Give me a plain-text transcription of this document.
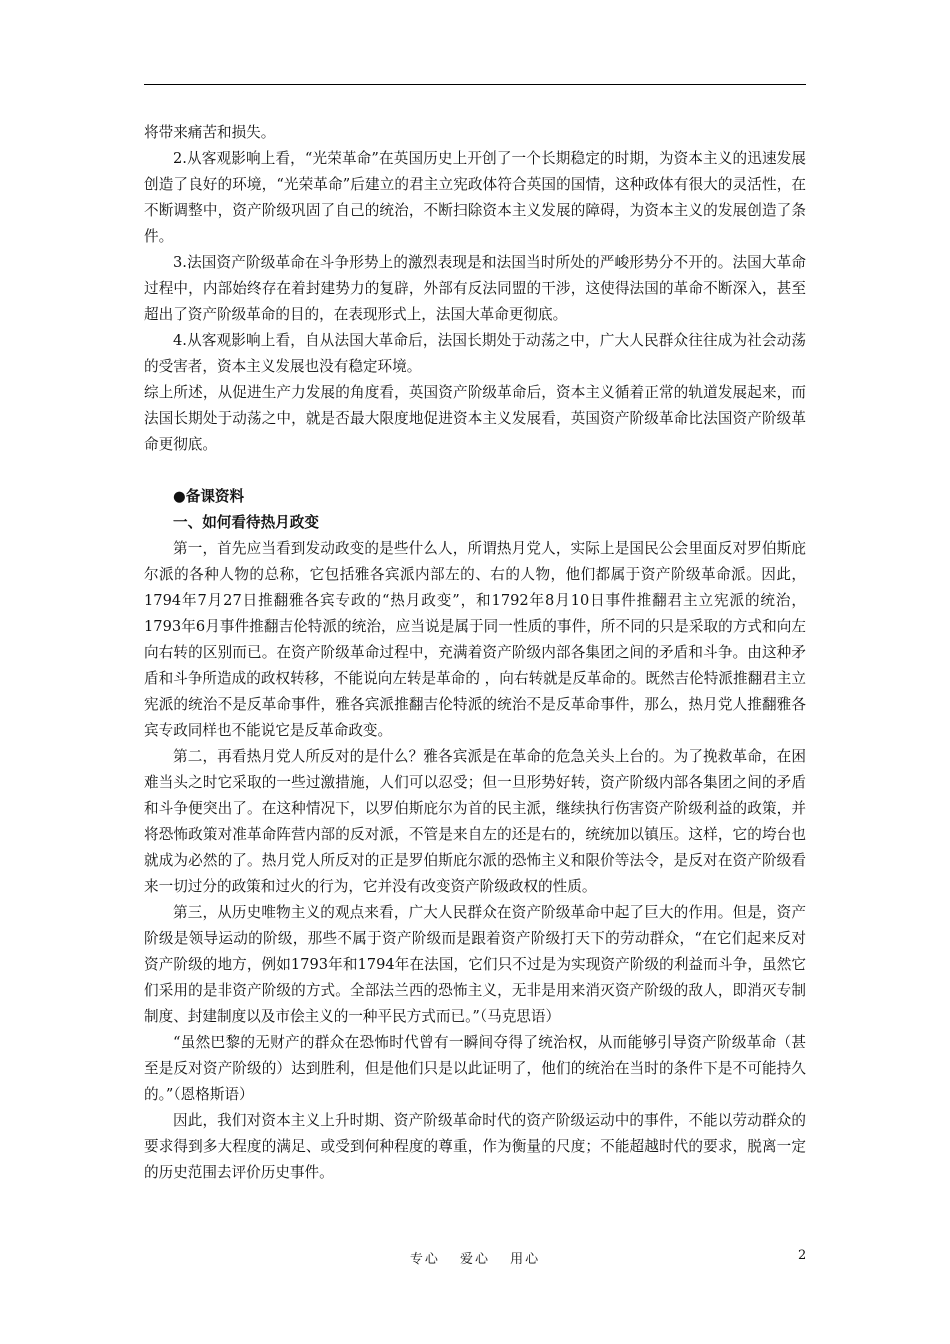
将带来痛苦和损失。

2.从客观影响上看，“光荣革命”在英国历史上开创了一个长期稳定的时期，为资本主义的迅速发展创造了良好的环境，“光荣革命”后建立的君主立宪政体符合英国的国情，这种政体有很大的灵活性，在不断调整中，资产阶级巩固了自己的统治，不断扫除资本主义发展的障碍，为资本主义的发展创造了条件。

3.法国资产阶级革命在斗争形势上的激烈表现是和法国当时所处的严峻形势分不开的。法国大革命过程中，内部始终存在着封建势力的复辟，外部有反法同盟的干涉，这使得法国的革命不断深入，甚至超出了资产阶级革命的目的，在表现形式上，法国大革命更彻底。

4.从客观影响上看，自从法国大革命后，法国长期处于动荡之中，广大人民群众往往成为社会动荡的受害者，资本主义发展也没有稳定环境。

综上所述，从促进生产力发展的角度看，英国资产阶级革命后，资本主义循着正常的轨道发展起来，而法国长期处于动荡之中，就是否最大限度地促进资本主义发展看，英国资产阶级革命比法国资产阶级革命更彻底。

●备课资料

一、如何看待热月政变

第一，首先应当看到发动政变的是些什么人，所谓热月党人，实际上是国民公会里面反对罗伯斯庇尔派的各种人物的总称，它包括雅各宾派内部左的、右的人物，他们都属于资产阶级革命派。因此，1794年7月27日推翻雅各宾专政的“热月政变”，和1792年8月10日事件推翻君主立宪派的统治，1793年6月事件推翻吉伦特派的统治，应当说是属于同一性质的事件，所不同的只是采取的方式和向左向右转的区别而已。在资产阶级革命过程中，充满着资产阶级内部各集团之间的矛盾和斗争。由这种矛盾和斗争所造成的政权转移，不能说向左转是革命的 ，向右转就是反革命的。既然吉伦特派推翻君主立宪派的统治不是反革命事件，雅各宾派推翻吉伦特派的统治不是反革命事件，那么，热月党人推翻雅各宾专政同样也不能说它是反革命政变。

第二，再看热月党人所反对的是什么？雅各宾派是在革命的危急关头上台的。为了挽救革命，在困难当头之时它采取的一些过激措施，人们可以忍受；但一旦形势好转，资产阶级内部各集团之间的矛盾和斗争便突出了。在这种情况下，以罗伯斯庇尔为首的民主派，继续执行伤害资产阶级利益的政策，并将恐怖政策对准革命阵营内部的反对派，不管是来自左的还是右的，统统加以镇压。这样，它的垮台也就成为必然的了。热月党人所反对的正是罗伯斯庇尔派的恐怖主义和限价等法令，是反对在资产阶级看来一切过分的政策和过火的行为，它并没有改变资产阶级政权的性质。

第三，从历史唯物主义的观点来看，广大人民群众在资产阶级革命中起了巨大的作用。但是，资产阶级是领导运动的阶级，那些不属于资产阶级而是跟着资产阶级打天下的劳动群众，“在它们起来反对资产阶级的地方，例如1793年和1794年在法国，它们只不过是为实现资产阶级的利益而斗争，虽然它们采用的是非资产阶级的方式。全部法兰西的恐怖主义，无非是用来消灭资产阶级的敌人，即消灭专制制度、封建制度以及市侩主义的一种平民方式而已。”（马克思语）

“虽然巴黎的无财产的群众在恐怖时代曾有一瞬间夺得了统治权，从而能够引导资产阶级革命（甚至是反对资产阶级的）达到胜利，但是他们只是以此证明了，他们的统治在当时的条件下是不可能持久的。”（恩格斯语）

因此，我们对资本主义上升时期、资产阶级革命时代的资产阶级运动中的事件，不能以劳动群众的要求得到多大程度的满足、或受到何种程度的尊重，作为衡量的尺度；不能超越时代的要求，脱离一定的历史范围去评价历史事件。

专心 爱心 用心	2
